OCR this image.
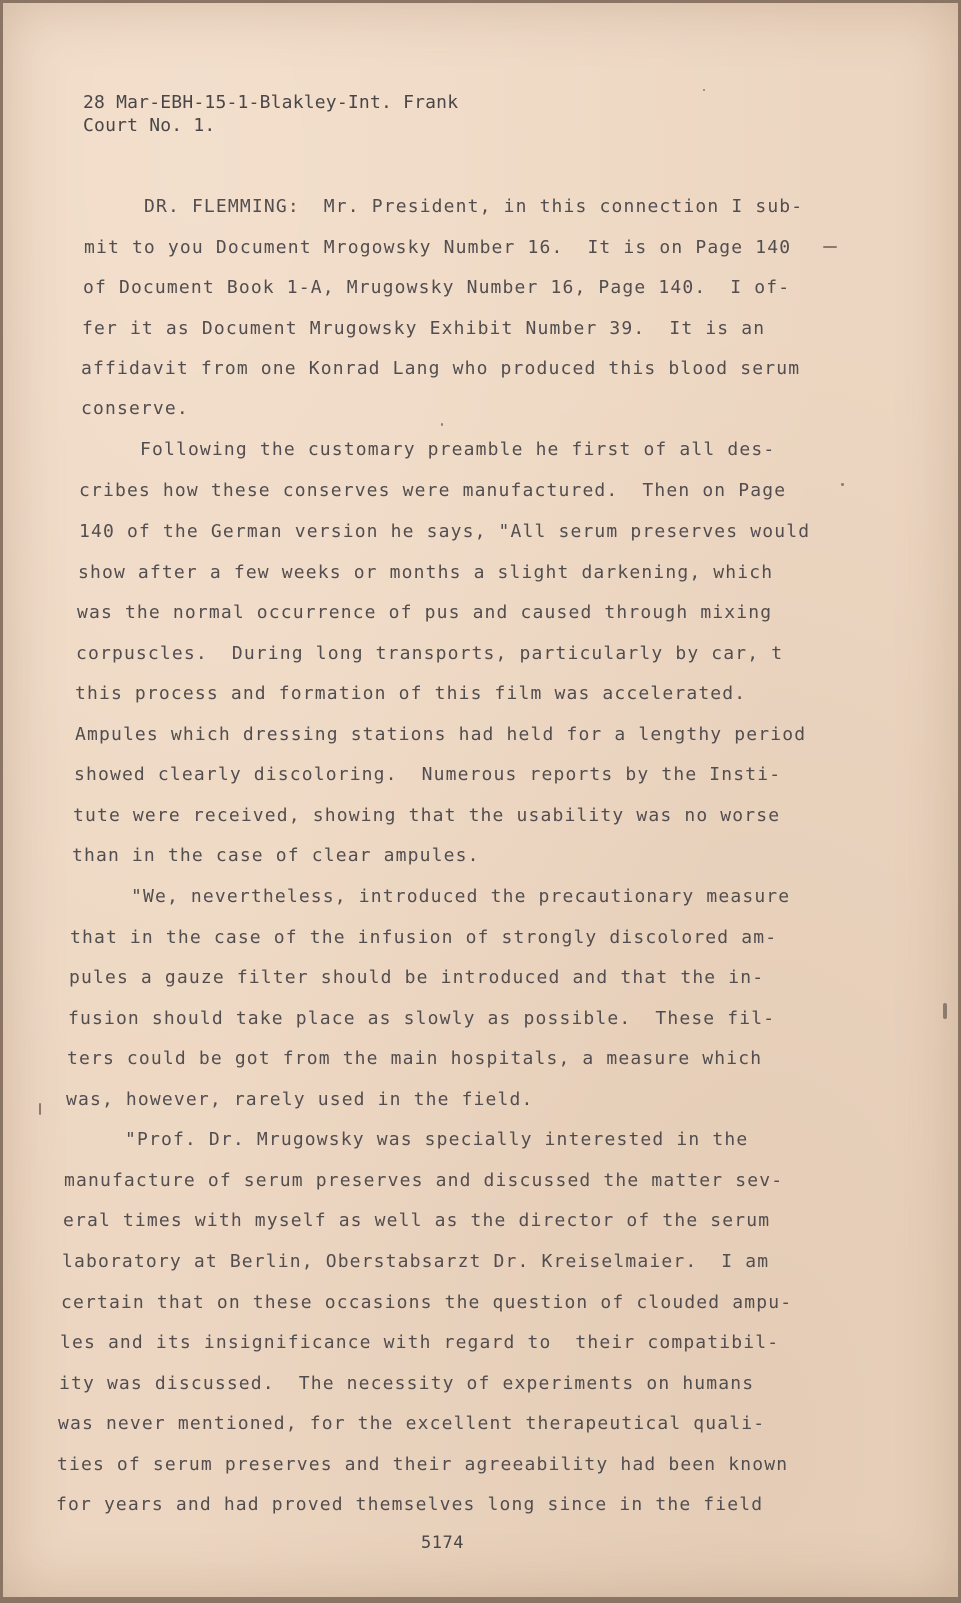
28 Mar-EBH-15-1-Blakley-Int. Frank
Court No. 1.
DR. FLEMMING:  Mr. President, in this connection I sub-
mit to you Document Mrogowsky Number 16.  It is on Page 140
of Document Book 1-A, Mrugowsky Number 16, Page 140.  I of-
fer it as Document Mrugowsky Exhibit Number 39.  It is an
affidavit from one Konrad Lang who produced this blood serum
conserve.
Following the customary preamble he first of all des-
cribes how these conserves were manufactured.  Then on Page
140 of the German version he says, "All serum preserves would
show after a few weeks or months a slight darkening, which
was the normal occurrence of pus and caused through mixing
corpuscles.  During long transports, particularly by car, t
this process and formation of this film was accelerated.
Ampules which dressing stations had held for a lengthy period
showed clearly discoloring.  Numerous reports by the Insti-
tute were received, showing that the usability was no worse
than in the case of clear ampules.
"We, nevertheless, introduced the precautionary measure
that in the case of the infusion of strongly discolored am-
pules a gauze filter should be introduced and that the in-
fusion should take place as slowly as possible.  These fil-
ters could be got from the main hospitals, a measure which
was, however, rarely used in the field.
"Prof. Dr. Mrugowsky was specially interested in the
manufacture of serum preserves and discussed the matter sev-
eral times with myself as well as the director of the serum
laboratory at Berlin, Oberstabsarzt Dr. Kreiselmaier.  I am
certain that on these occasions the question of clouded ampu-
les and its insignificance with regard to  their compatibil-
ity was discussed.  The necessity of experiments on humans
was never mentioned, for the excellent therapeutical quali-
ties of serum preserves and their agreeability had been known
for years and had proved themselves long since in the field
5174
